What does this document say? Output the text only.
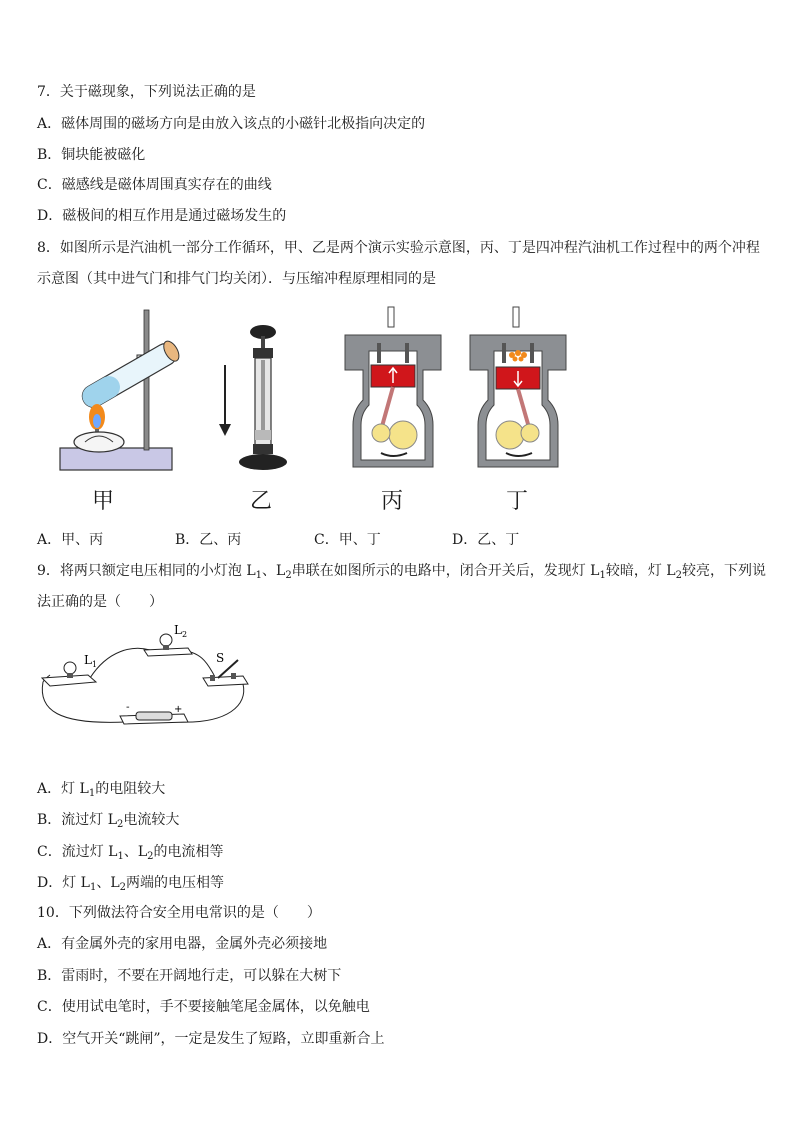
7．关于磁现象，下列说法正确的是
A．磁体周围的磁场方向是由放入该点的小磁针北极指向决定的
B．铜块能被磁化
C．磁感线是磁体周围真实存在的曲线
D．磁极间的相互作用是通过磁场发生的
8．如图所示是汽油机一部分工作循环，甲、乙是两个演示实验示意图，丙、丁是四冲程汽油机工作过程中的两个冲程
示意图（其中进气门和排气门均关闭）．与压缩冲程原理相同的是
甲	乙	丙	丁
A．甲、丙	B．乙、丙	C．甲、丁	D．乙、丁
9．将两只额定电压相同的小灯泡 $L_1$、$L_2$串联在如图所示的电路中，闭合开关后，发现灯 $L_1$较暗，灯 $L_2$较亮，下列说
法正确的是（　　）
$L_1$
$L_2$
S
-	+
A．灯 $L_1$的电阻较大
B．流过灯 $L_2$电流较大
C．流过灯 $L_1$、$L_2$的电流相等
D．灯 $L_1$、$L_2$两端的电压相等
10．下列做法符合安全用电常识的是（　　）
A．有金属外壳的家用电器，金属外壳必须接地
B．雷雨时，不要在开阔地行走，可以躲在大树下
C．使用试电笔时，手不要接触笔尾金属体，以免触电
D．空气开关“跳闸”，一定是发生了短路，立即重新合上
